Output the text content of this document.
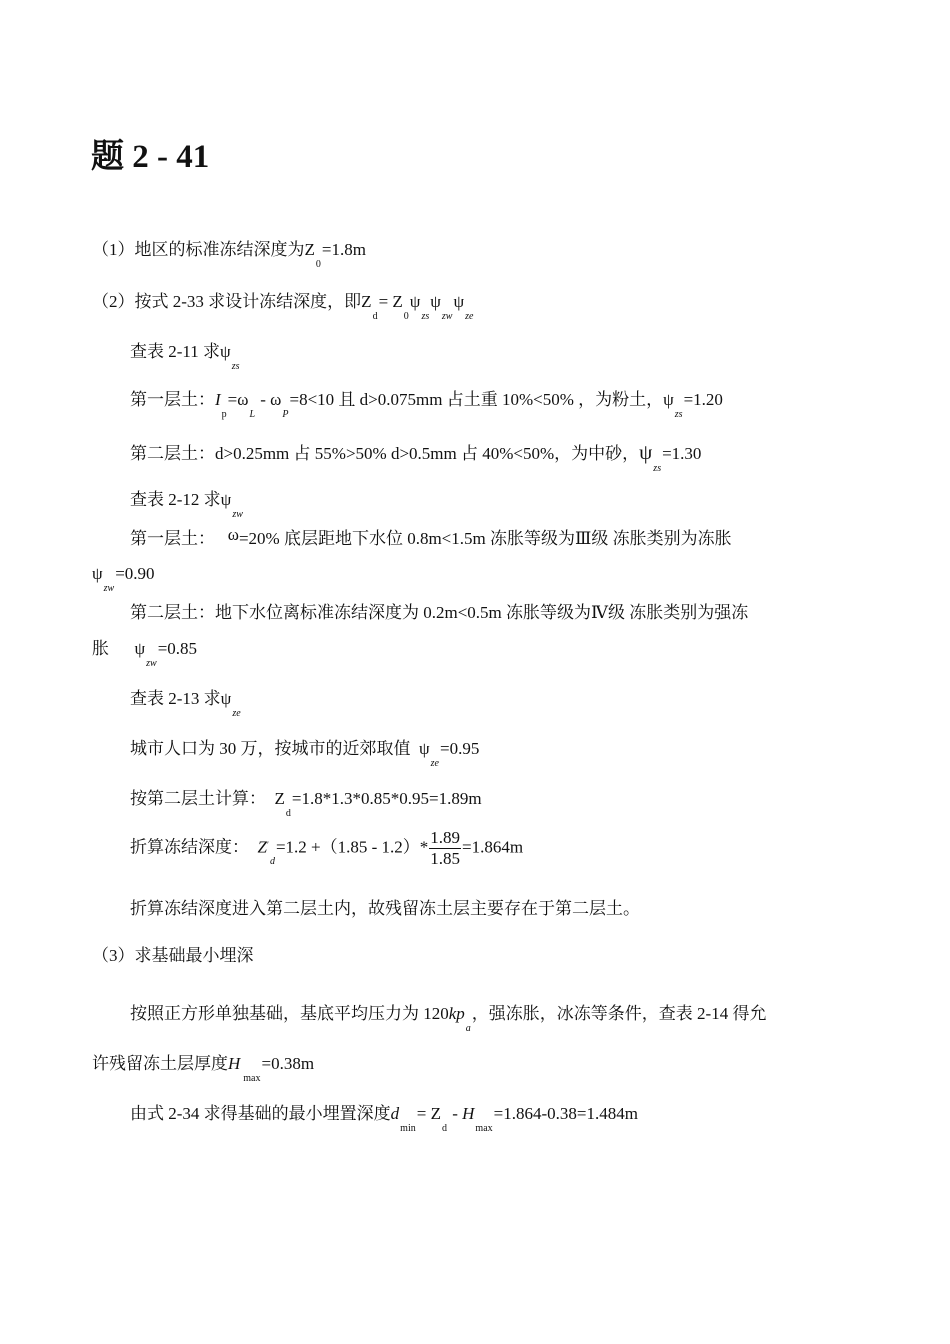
题 2 - 41
（1）地区的标准冻结深度为$Z_0=1.8m$
（2）按式 2-33 求设计冻结深度，即$Z_d= Z_0\psi_{zs}\psi_{zw}\psi_{ze}$
查表 2-11 求$\psi_{zs}$
第一层土：$I_p=\omega_L - \omega_P=8<10$ 且 d>0.075mm 占土重 10%<50% ，为粉土，$\psi_{zs}=1.20$
第二层土：d>0.25mm 占 55%>50% d>0.5mm 占 40%<50%，为中砂，$\psi_{zs}=1.30$
查表 2-12 求$\psi_{zw}$
第一层土： ω=20% 底层距地下水位 0.8m<1.5m 冻胀等级为Ⅲ级 冻胀类别为冻胀
$\psi_{zw}=0.90$
第二层土：地下水位离标准冻结深度为 0.2m<0.5m 冻胀等级为Ⅳ级 冻胀类别为强冻
胀 $\psi_{zw}=0.85$
查表 2-13 求$\psi_{ze}$
城市人口为 30 万，按城市的近郊取值 $\psi_{ze}=0.95$
按第二层土计算： $Z_d=1.8*1.3*0.85*0.95=1.89m$
折算冻结深度： $Z'_d=1.2 +(1.85 - 1.2)* \frac{1.89}{1.85} =1.864m$
折算冻结深度进入第二层土内，故残留冻土层主要存在于第二层土。
（3）求基础最小埋深
按照正方形单独基础，基底平均压力为 $120kp_a$，强冻胀，冰冻等条件，查表 2-14 得允
许残留冻土层厚度$H_{max}=0.38m$
由式 2-34 求得基础的最小埋置深度$d_{min}= Z_d - H_{max}=1.864-0.38=1.484m$
